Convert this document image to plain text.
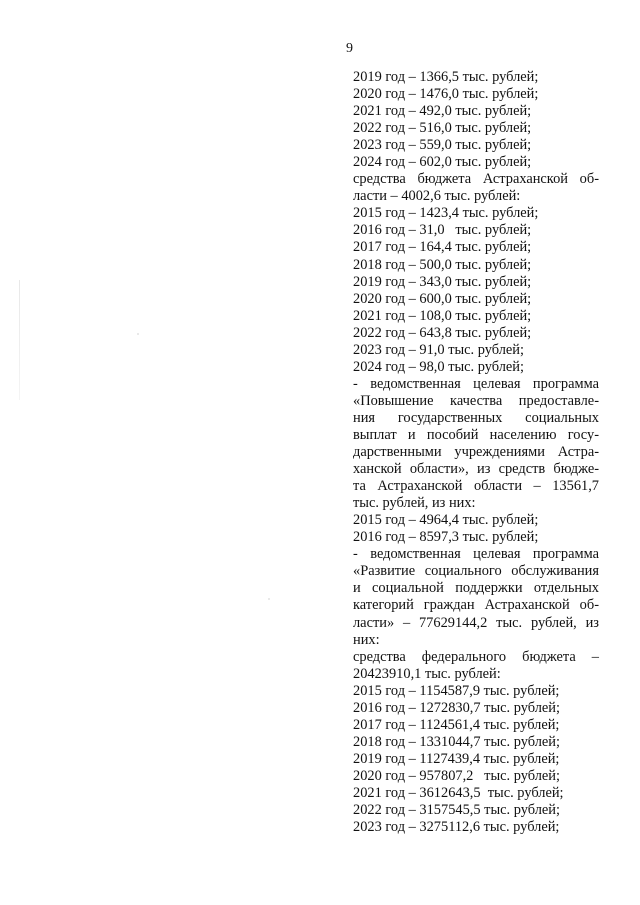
9
2019 год – 1366,5 тыс. рублей;
2020 год – 1476,0 тыс. рублей;
2021 год – 492,0 тыс. рублей;
2022 год – 516,0 тыс. рублей;
2023 год – 559,0 тыс. рублей;
2024 год – 602,0 тыс. рублей;
средства бюджета Астраханской об-
ласти – 4002,6 тыс. рублей:
2015 год – 1423,4 тыс. рублей;
2016 год – 31,0   тыс. рублей;
2017 год – 164,4 тыс. рублей;
2018 год – 500,0 тыс. рублей;
2019 год – 343,0 тыс. рублей;
2020 год – 600,0 тыс. рублей;
2021 год – 108,0 тыс. рублей;
2022 год – 643,8 тыс. рублей;
2023 год – 91,0 тыс. рублей;
2024 год – 98,0 тыс. рублей;
- ведомственная целевая программа
«Повышение качества предоставле-
ния государственных социальных
выплат и пособий населению госу-
дарственными учреждениями Астра-
ханской области», из средств бюдже-
та Астраханской области – 13561,7
тыс. рублей, из них:
2015 год – 4964,4 тыс. рублей;
2016 год – 8597,3 тыс. рублей;
- ведомственная целевая программа
«Развитие социального обслуживания
и социальной поддержки отдельных
категорий граждан Астраханской об-
ласти» – 77629144,2 тыс. рублей, из
них:
средства федерального бюджета –
20423910,1 тыс. рублей:
2015 год – 1154587,9 тыс. рублей;
2016 год – 1272830,7 тыс. рублей;
2017 год – 1124561,4 тыс. рублей;
2018 год – 1331044,7 тыс. рублей;
2019 год – 1127439,4 тыс. рублей;
2020 год – 957807,2   тыс. рублей;
2021 год – 3612643,5  тыс. рублей;
2022 год – 3157545,5 тыс. рублей;
2023 год – 3275112,6 тыс. рублей;
